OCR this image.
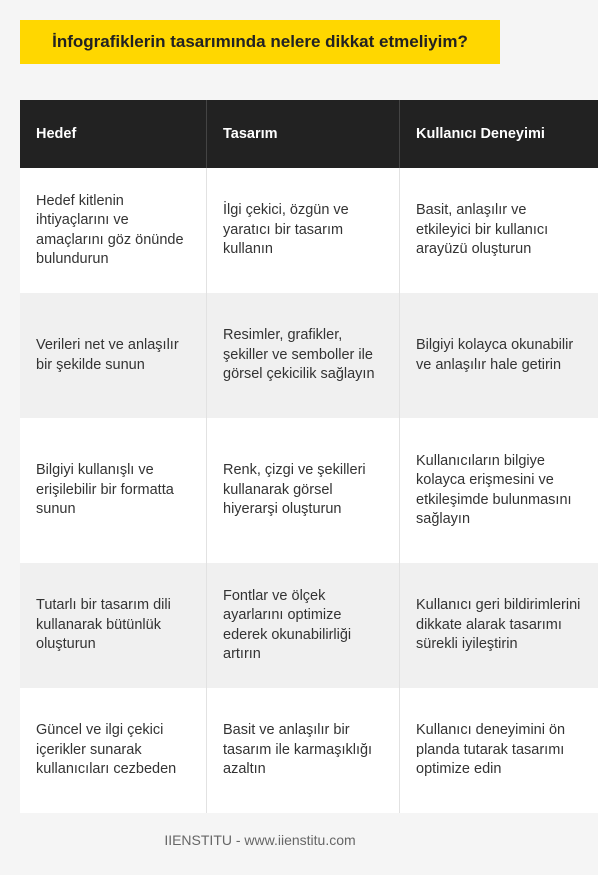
İnfografiklerin tasarımında nelere dikkat etmeliyim?
Hedef	Tasarım	Kullanıcı Deneyimi
Hedef kitlenin ihtiyaçlarını ve amaçlarını göz önünde bulundurun	İlgi çekici, özgün ve yaratıcı bir tasarım kullanın	Basit, anlaşılır ve etkileyici bir kullanıcı arayüzü oluşturun
Verileri net ve anlaşılır bir şekilde sunun	Resimler, grafikler, şekiller ve semboller ile görsel çekicilik sağlayın	Bilgiyi kolayca okunabilir ve anlaşılır hale getirin
Bilgiyi kullanışlı ve erişilebilir bir formatta sunun	Renk, çizgi ve şekilleri kullanarak görsel hiyerarşi oluşturun	Kullanıcıların bilgiye kolayca erişmesini ve etkileşimde bulunmasını sağlayın
Tutarlı bir tasarım dili kullanarak bütünlük oluşturun	Fontlar ve ölçek ayarlarını optimize ederek okunabilirliği artırın	Kullanıcı geri bildirimlerini dikkate alarak tasarımı sürekli iyileştirin
Güncel ve ilgi çekici içerikler sunarak kullanıcıları cezbeden	Basit ve anlaşılır bir tasarım ile karmaşıklığı azaltın	Kullanıcı deneyimini ön planda tutarak tasarımı optimize edin
IIENSTITU - www.iienstitu.com
